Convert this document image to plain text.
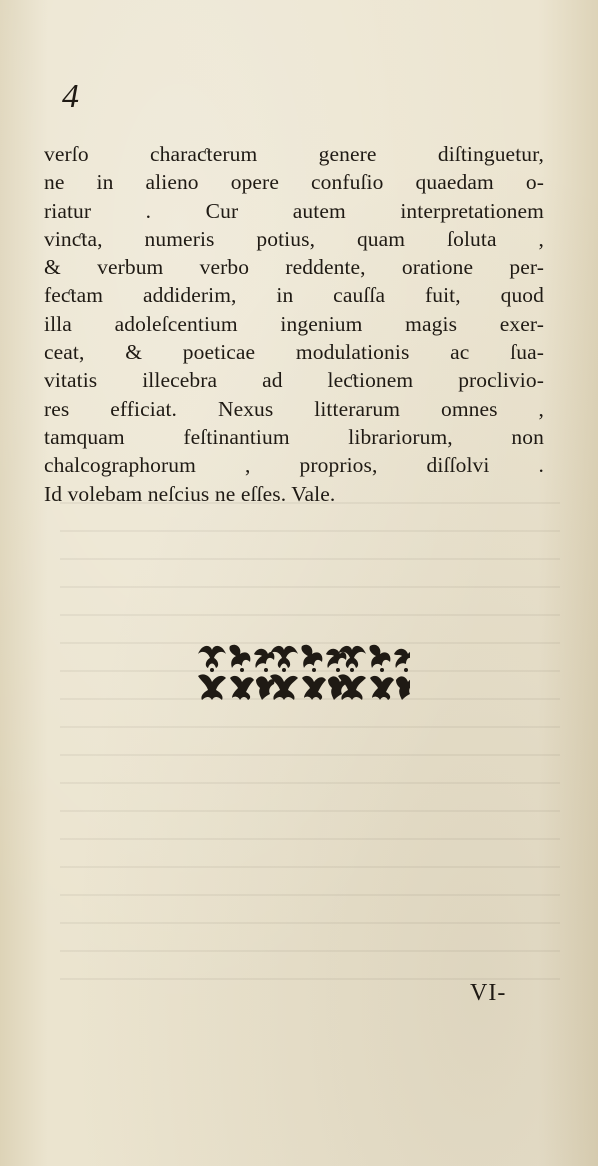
4
verſo charaƈterum genere diſtinguetur,
ne in alieno opere confuſio quaedam o-
riatur . Cur autem interpretationem
vinƈta, numeris potius, quam ſoluta ,
& verbum verbo reddente, oratione per-
feƈtam addiderim, in cauſſa fuit, quod
illa adoleſcentium ingenium magis exer-
ceat, & poeticae modulationis ac ſua-
vitatis illecebra ad leƈtionem proclivio-
res efficiat. Nexus litterarum omnes ,
tamquam feſtinantium librariorum, non
chalcographorum , proprios, diſſolvi .
Id volebam neſcius ne eſſes. Vale.
VI-
